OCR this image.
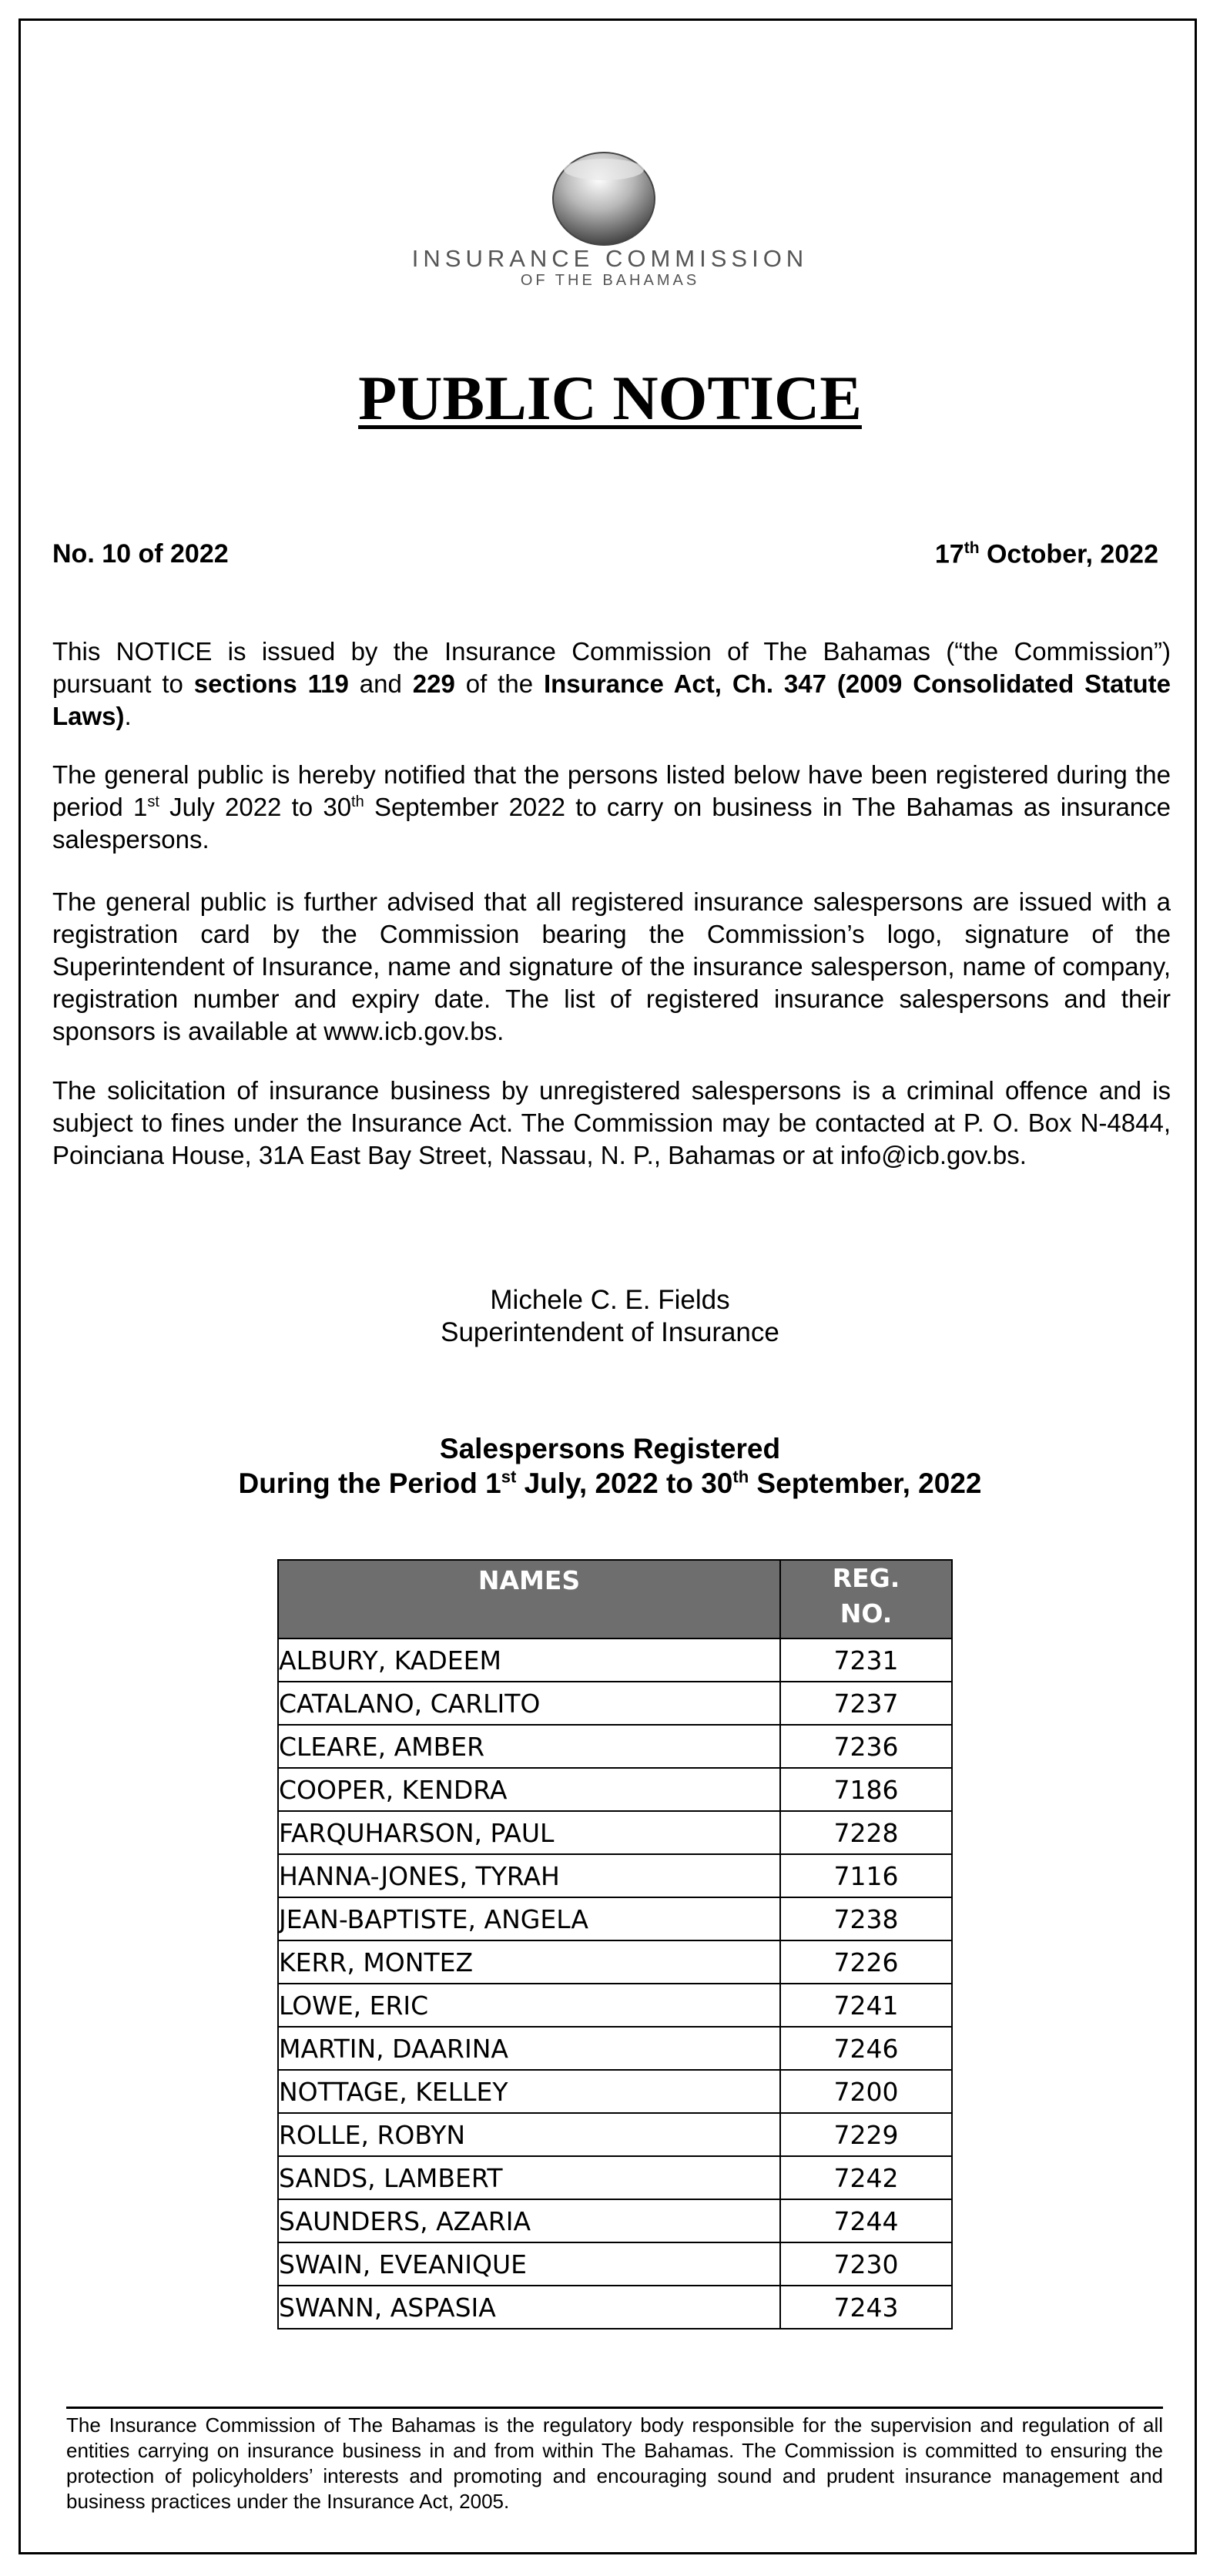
INSURANCE COMMISSION
OF THE BAHAMAS
PUBLIC NOTICE
No. 10 of 2022	17th October, 2022
This NOTICE is issued by the Insurance Commission of The Bahamas (“the Commission”) pursuant to sections 119 and 229 of the Insurance Act, Ch. 347 (2009 Consolidated Statute Laws).
The general public is hereby notified that the persons listed below have been registered during the period 1st July 2022 to 30th September 2022 to carry on business in The Bahamas as insurance salespersons.
The general public is further advised that all registered insurance salespersons are issued with a registration card by the Commission bearing the Commission’s logo, signature of the Superintendent of Insurance, name and signature of the insurance salesperson, name of company, registration number and expiry date. The list of registered insurance salespersons and their sponsors is available at www.icb.gov.bs.
The solicitation of insurance business by unregistered salespersons is a criminal offence and is subject to fines under the Insurance Act. The Commission may be contacted at P. O. Box N-4844, Poinciana House, 31A East Bay Street, Nassau, N. P., Bahamas or at info@icb.gov.bs.
Michele C. E. Fields
Superintendent of Insurance
Salespersons Registered
During the Period 1st July, 2022 to 30th September, 2022
NAMES	REG.
NO.
ALBURY, KADEEM	7231
CATALANO, CARLITO	7237
CLEARE, AMBER	7236
COOPER, KENDRA	7186
FARQUHARSON, PAUL	7228
HANNA-JONES, TYRAH	7116
JEAN-BAPTISTE, ANGELA	7238
KERR, MONTEZ	7226
LOWE, ERIC	7241
MARTIN, DAARINA	7246
NOTTAGE, KELLEY	7200
ROLLE, ROBYN	7229
SANDS, LAMBERT	7242
SAUNDERS, AZARIA	7244
SWAIN, EVEANIQUE	7230
SWANN, ASPASIA	7243
The Insurance Commission of The Bahamas is the regulatory body responsible for the supervision and regulation of all entities carrying on insurance business in and from within The Bahamas. The Commission is committed to ensuring the protection of policyholders’ interests and promoting and encouraging sound and prudent insurance management and business practices under the Insurance Act, 2005.
